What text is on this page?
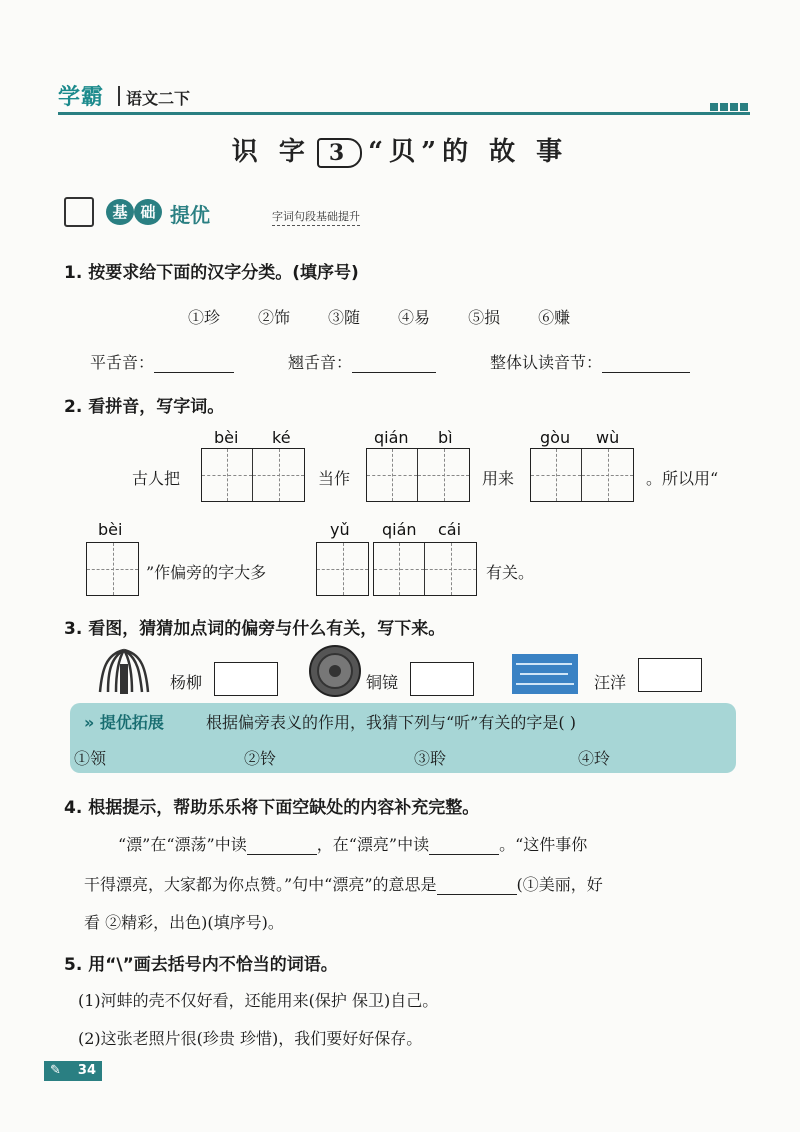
学霸 语文二下
识 字 3 “贝”的 故 事
基 础 提优	字词句段基础提升
1. 按要求给下面的汉字分类。(填序号)
①珍 ②饰 ③随 ④易 ⑤损 ⑥赚
平舌音：	翘舌音：	整体认读音节：
2. 看拼音，写字词。
bèi ké	qián bì	gòu wù
古人把	当作	用来	。所以用“
bèi	yǔ qián cái
”作偏旁的字大多	有关。
3. 看图，猜猜加点词的偏旁与什么有关，写下来。
杨柳	铜镜	汪洋
» 提优拓展	根据偏旁表义的作用，我猜下列与“听”有关的字是( )
①领	②铃	③聆	④玲
4. 根据提示，帮助乐乐将下面空缺处的内容补充完整。
“漂”在“漂荡”中读	，在“漂亮”中读	。“这件事你
干得漂亮，大家都为你点赞。”句中“漂亮”的意思是	(①美丽，好
看 ②精彩，出色)(填序号)。
5. 用“\”画去括号内不恰当的词语。
(1)河蚌的壳不仅好看，还能用来(保护 保卫)自己。
(2)这张老照片很(珍贵 珍惜)，我们要好好保存。
34
✎
